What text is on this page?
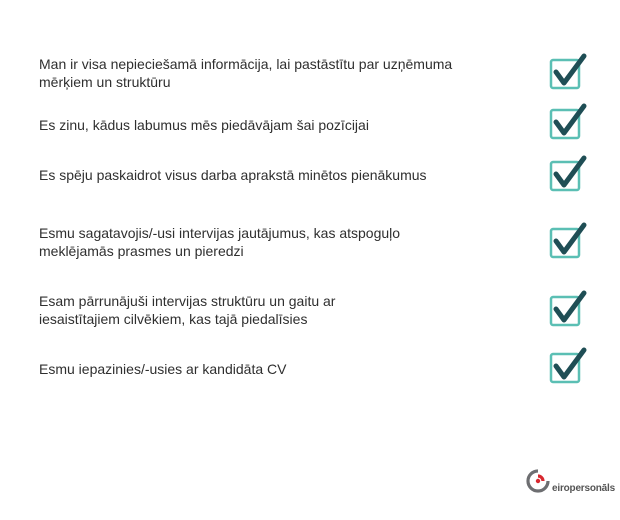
Man ir visa nepieciešamā informācija, lai pastāstītu par uzņēmuma
mērķiem un struktūru
Es zinu, kādus labumus mēs piedāvājam šai pozīcijai
Es spēju paskaidrot visus darba aprakstā minētos pienākumus
Esmu sagatavojis/-usi intervijas jautājumus, kas atspoguļo
meklējamās prasmes un pieredzi
Esam pārrunājuši intervijas struktūru un gaitu ar
iesaistītajiem cilvēkiem, kas tajā piedalīsies
Esmu iepazinies/-usies ar kandidāta CV
eiropersonāls
